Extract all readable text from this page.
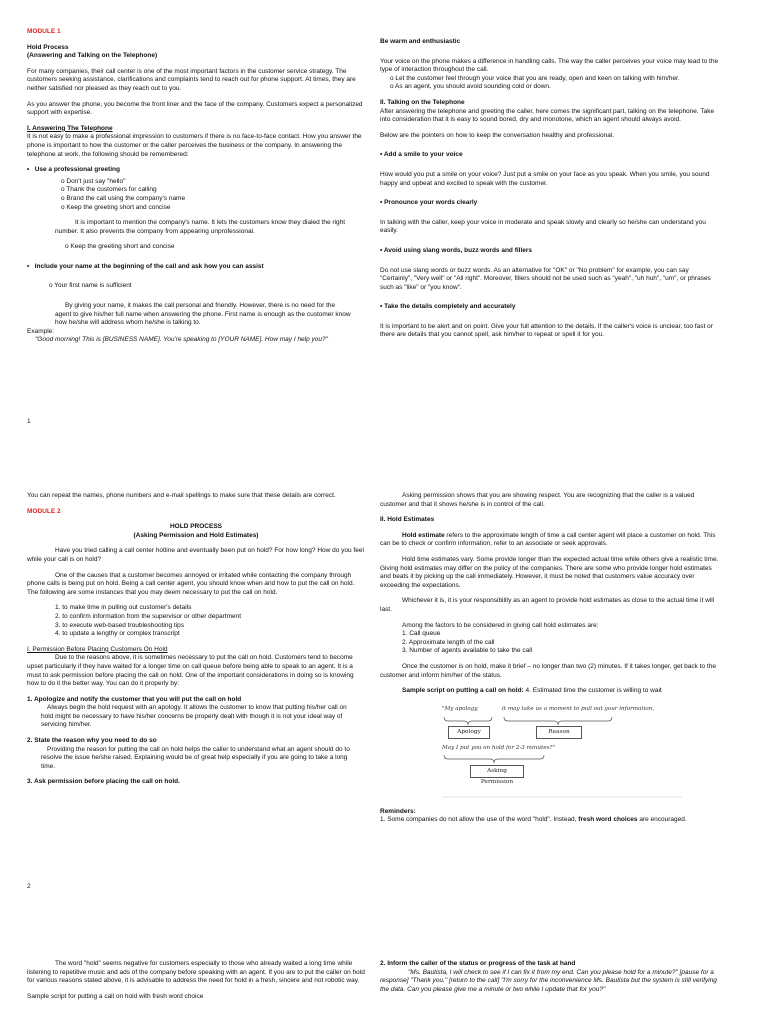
MODULE 1

Hold Process

(Answering and Talking on the Telephone)

For many companies, their call center is one of the most important factors in the customer service strategy. The customers seeking assistance, clarifications and complaints tend to reach out for phone support. At times, they are neither satisfied nor pleased as they reach out to you.

As you answer the phone, you become the front liner and the face of the company. Customers expect a personalized support with expertise.

I. Answering The Telephone

It is not easy to make a professional impression to customers if there is no face-to-face contact. How you answer the phone is important to how the customer or the caller perceives the business or the company. In answering the telephone at work, the following should be remembered:

•   Use a professional greeting

o Don't just say "hello"

o Thank the customers for calling

o Brand the call using the company's name

o Keep the greeting short and concise

It is important to mention the company's name. It lets the customers know they dialed the right number. It also prevents the company from appearing unprofessional.

o Keep the greeting short and concise

•   Include your name at the beginning of the call and ask how you can assist

o Your first name is sufficient

By giving your name, it makes the call personal and friendly. However, there is no need for the agent to give his/her full name when answering the phone. First name is enough as the customer know how he/she will address whom he/she is talking to.

Example:

"Good morning! This is [BUSINESS NAME]. You're speaking to [YOUR NAME]. How may I help you?"

1

Be warm and enthusiastic

Your voice on the phone makes a difference in handling calls. The way the caller perceives your voice may lead to the type of interaction throughout the call.

o Let the customer feel through your voice that you are ready, open and keen on talking with him/her.

o As an agent, you should avoid sounding cold or down.

II. Talking on the Telephone

After answering the telephone and greeting the caller, here comes the significant part, talking on the telephone. Take into consideration that it is easy to sound bored, dry and monotone, which an agent should always avoid.

Below are the pointers on how to keep the conversation healthy and professional.

• Add a smile to your voice

How would you put a smile on your voice? Just put a smile on your face as you speak. When you smile, you sound happy and upbeat and excited to speak with the customer.

• Pronounce your words clearly

In talking with the caller, keep your voice in moderate and speak slowly and clearly so he/she can understand you easily.

• Avoid using slang words, buzz words and fillers

Do not use slang words or buzz words. As an alternative for "OK" or "No problem" for example, you can say "Certainly", "Very well" or "All right". Moreover, fillers should not be used such as "yeah", "uh huh", "um", or phrases such as "like" or "you know".

• Take the details completely and accurately

It is important to be alert and on point. Give your full attention to the details. If the caller's voice is unclear, too fast or there are details that you cannot spell, ask him/her to repeat or spell it for you.

You can repeat the names, phone numbers and e-mail spellings to make sure that these details are correct.

MODULE 2

HOLD PROCESS

(Asking Permission and Hold Estimates)

Have you tried calling a call center hotline and eventually been put on hold? For how long? How do you feel while your call is on hold?

One of the causes that a customer becomes annoyed or irritated while contacting the company through phone calls is being put on hold. Being a call center agent, you should know when and how to put the call on hold. The following are some instances that you may deem necessary to put the call on hold.

1. to make time in pulling out customer's details

2. to confirm information from the supervisor or other department

3. to execute web-based troubleshooting tips

4. to update a lengthy or complex transcript

I. Permission Before Placing Customers On Hold

Due to the reasons above, it is sometimes necessary to put the call on hold. Customers tend to become upset particularly if they have waited for a longer time on call queue before being able to speak to an agent. It is a must to ask permission before placing the call on hold. One of the important considerations in doing so is knowing how to do it the better way. You can do it properly by:

1. Apologize and notify the customer that you will put the call on hold

Always begin the hold request with an apology. It allows the customer to know that putting his/her call on hold might be necessary to have his/her concerns be properly dealt with though it is not your ideal way of servicing him/her.

2. State the reason why you need to do so

Providing the reason for putting the call on hold helps the caller to understand what an agent should do to resolve the issue he/she raised. Explaining would be of great help especially if you are going to take a long time.

3. Ask permission before placing the call on hold.

2

Asking permission shows that you are showing respect. You are recognizing that the caller is a valued customer and that it shows he/she is in control of the call.

II. Hold Estimates

Hold estimate refers to the approximate length of time a call center agent will place a customer on hold. This can be to check or confirm information, refer to an associate or seek approvals.

Hold time estimates vary. Some provide longer than the expected actual time while others give a realistic time. Giving hold estimates may differ on the policy of the companies. There are some who provide longer hold estimates and beats it by picking up the call immediately. However, it must be noted that customers value accuracy over exceeding the expectations.

Whichever it is, it is your responsibility as an agent to provide hold estimates as close to the actual time it will last.

Among the factors to be considered in giving call hold estimates are:

1. Call queue

2. Approximate length of the call

3. Number of agents available to take the call

Once the customer is on hold, make it brief – no longer than two (2) minutes. If it takes longer, get back to the customer and inform him/her of the status.

Sample script on putting a call on hold: 4. Estimated time the customer is willing to wait

"My apology,	it may take us a moment to pull out your information,
Apology	Reason
May I put you on hold for 2-3 minutes?"
Asking Permission

Reminders:

1. Some companies do not allow the use of the word "hold". Instead, fresh word choices are encouraged.

The word "hold" seems negative for customers especially to those who already waited a long time while listening to repetitive music and ads of the company before speaking with an agent. If you are to put the caller on hold for various reasons stated above, it is advisable to address the need for hold in a fresh, sincere and not robotic way.

Sample script for putting a call on hold with fresh word choice

2. Inform the caller of the status or progress of the task at hand

"Ms. Bautista, I will check to see if I can fix it from my end. Can you please hold for a minute?" [pause for a response] "Thank you." [return to the call] "I'm sorry for the inconvenience Ms. Bautista but the system is still verifying the data. Can you please give me a minute or two while I update that for you?"
